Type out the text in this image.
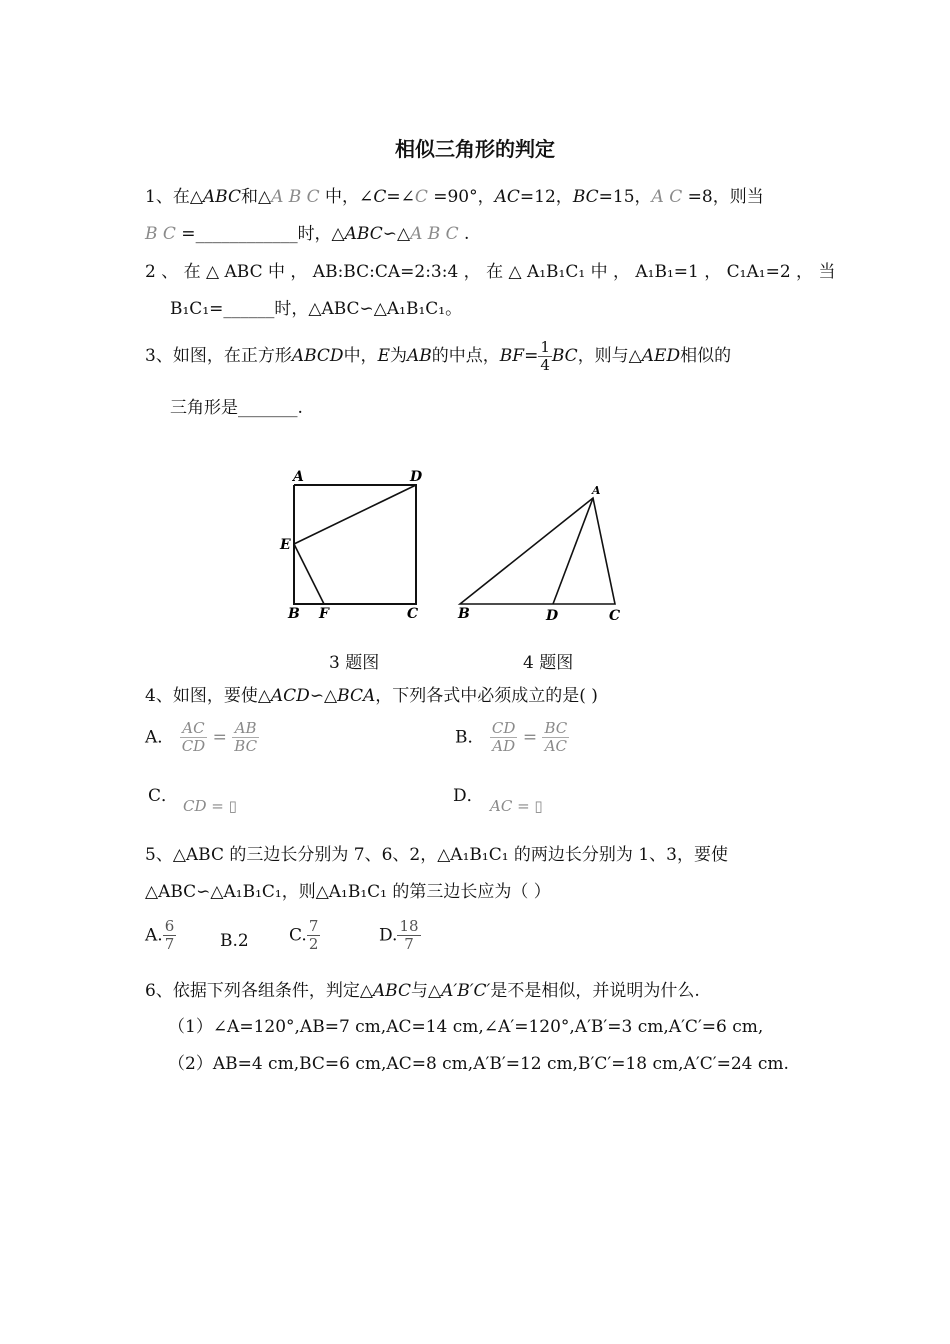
相似三角形的判定
1、在△ABC和△A B C 中，∠C=∠C =90°，AC=12，BC=15，A C =8，则当
B C =____________时，△ABC∽△A B C .
2 、 在 △ ABC 中 ， AB:BC:CA=2:3:4 ， 在 △ A₁B₁C₁ 中 ， A₁B₁=1 ， C₁A₁=2 ， 当
B₁C₁=______时，△ABC∽△A₁B₁C₁。
3、如图，在正方形ABCD中，E为AB的中点，$BF= \frac{1}{4}$ BC，则与△AED相似的
三角形是_______.
A	D
E
B F	C
A
B	D	C
3 题图	4 题图
4、如图，要使△ACD∽△BCA，下列各式中必须成立的是( )
A． $\frac{AC}{CD} = \frac{AB}{BC}$	B． $\frac{CD}{AD} = \frac{BC}{AC}$
C． CD = ▯	D． AC = ▯
5、△ABC 的三边长分别为 7、6、2，△A₁B₁C₁ 的两边长分别为 1、3，要使
△ABC∽△A₁B₁C₁，则△A₁B₁C₁ 的第三边长应为（ ）
A. $\frac{6}{7}$	B.2 C. $\frac{7}{2}$	D. $\frac{18}{7}$
6、依据下列各组条件，判定△ABC与△A′B′C′是不是相似，并说明为什么.
（1）∠A=120°,AB=7 cm,AC=14 cm,∠A′=120°,A′B′=3 cm,A′C′=6 cm,
（2）AB=4 cm,BC=6 cm,AC=8 cm,A′B′=12 cm,B′C′=18 cm,A′C′=24 cm.
